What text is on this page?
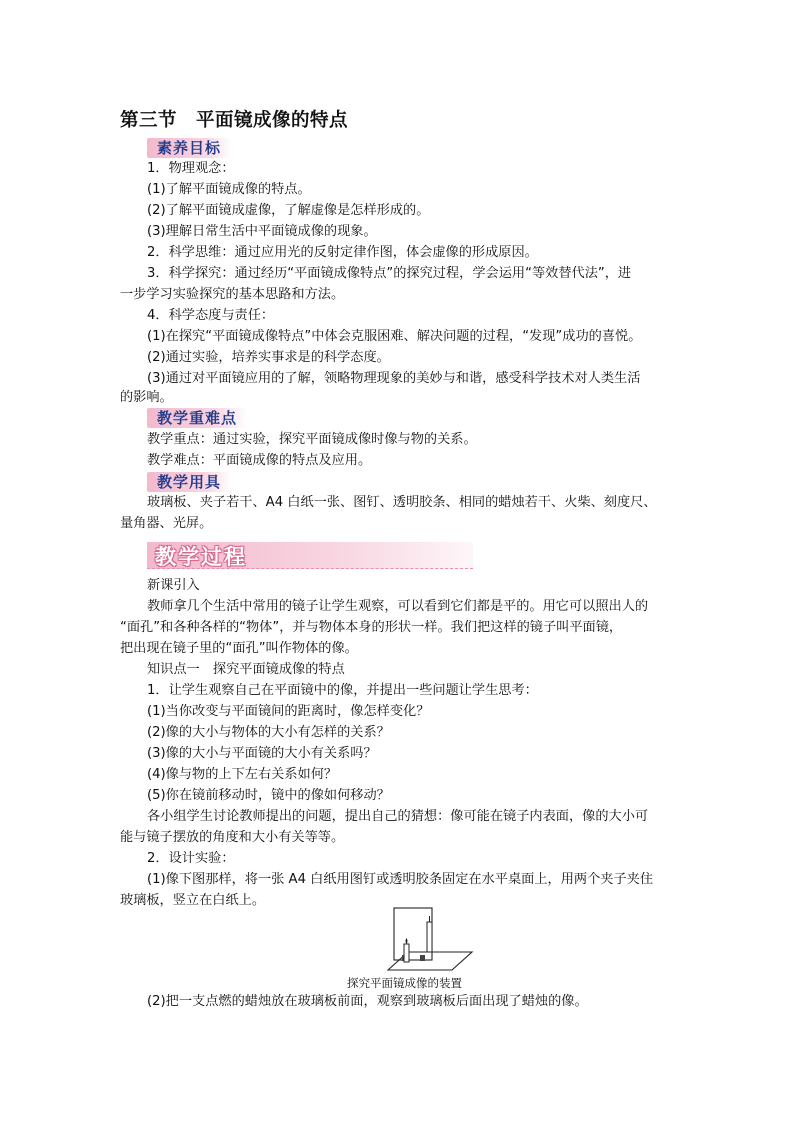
第三节　平面镜成像的特点
素养目标
1．物理观念：
(1)了解平面镜成像的特点。
(2)了解平面镜成虚像，了解虚像是怎样形成的。
(3)理解日常生活中平面镜成像的现象。
2．科学思维：通过应用光的反射定律作图，体会虚像的形成原因。
3．科学探究：通过经历“平面镜成像特点”的探究过程，学会运用“等效替代法”，进
一步学习实验探究的基本思路和方法。
4．科学态度与责任：
(1)在探究“平面镜成像特点”中体会克服困难、解决问题的过程，“发现”成功的喜悦。
(2)通过实验，培养实事求是的科学态度。
(3)通过对平面镜应用的了解，领略物理现象的美妙与和谐，感受科学技术对人类生活
的影响。
教学重难点
教学重点：通过实验，探究平面镜成像时像与物的关系。
教学难点：平面镜成像的特点及应用。
教学用具
玻璃板、夹子若干、A4 白纸一张、图钉、透明胶条、相同的蜡烛若干、火柴、刻度尺、
量角器、光屏。
教学过程
新课引入
教师拿几个生活中常用的镜子让学生观察，可以看到它们都是平的。用它可以照出人的
“面孔”和各种各样的“物体”，并与物体本身的形状一样。我们把这样的镜子叫平面镜，
把出现在镜子里的“面孔”叫作物体的像。
知识点一　探究平面镜成像的特点
1．让学生观察自己在平面镜中的像，并提出一些问题让学生思考：
(1)当你改变与平面镜间的距离时，像怎样变化？
(2)像的大小与物体的大小有怎样的关系？
(3)像的大小与平面镜的大小有关系吗？
(4)像与物的上下左右关系如何？
(5)你在镜前移动时，镜中的像如何移动？
各小组学生讨论教师提出的问题，提出自己的猜想：像可能在镜子内表面，像的大小可
能与镜子摆放的角度和大小有关等等。
2．设计实验：
(1)像下图那样，将一张 A4 白纸用图钉或透明胶条固定在水平桌面上，用两个夹子夹住
玻璃板，竖立在白纸上。
探究平面镜成像的装置
(2)把一支点燃的蜡烛放在玻璃板前面，观察到玻璃板后面出现了蜡烛的像。
